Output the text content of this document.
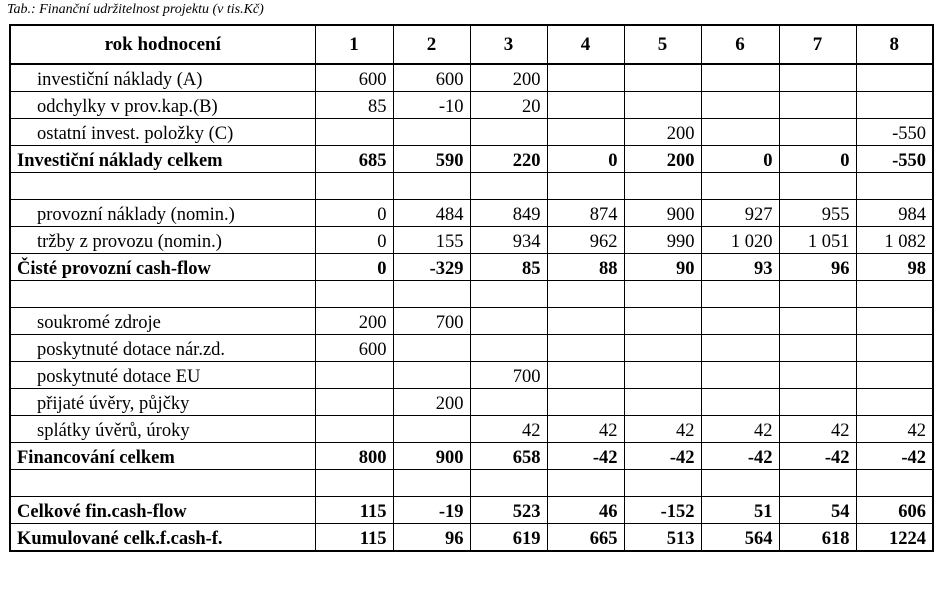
Tab.: Finanční udržitelnost projektu (v tis.Kč)
rok hodnocení	1	2	3	4	5	6	7	8
investiční náklady (A)	600	600	200					
odchylky v prov.kap.(B)	85	-10	20					
ostatní invest. položky (C)					200			-550
Investiční náklady celkem	685	590	220	0	200	0	0	-550

provozní náklady (nomin.)	0	484	849	874	900	927	955	984
tržby z provozu (nomin.)	0	155	934	962	990	1 020	1 051	1 082
Čisté provozní cash-flow	0	-329	85	88	90	93	96	98

soukromé zdroje	200	700						
poskytnuté dotace nár.zd.	600							
poskytnuté dotace EU			700					
přijaté úvěry, půjčky		200						
splátky úvěrů, úroky			42	42	42	42	42	42
Financování celkem	800	900	658	-42	-42	-42	-42	-42

Celkové fin.cash-flow	115	-19	523	46	-152	51	54	606
Kumulované celk.f.cash-f.	115	96	619	665	513	564	618	1224
